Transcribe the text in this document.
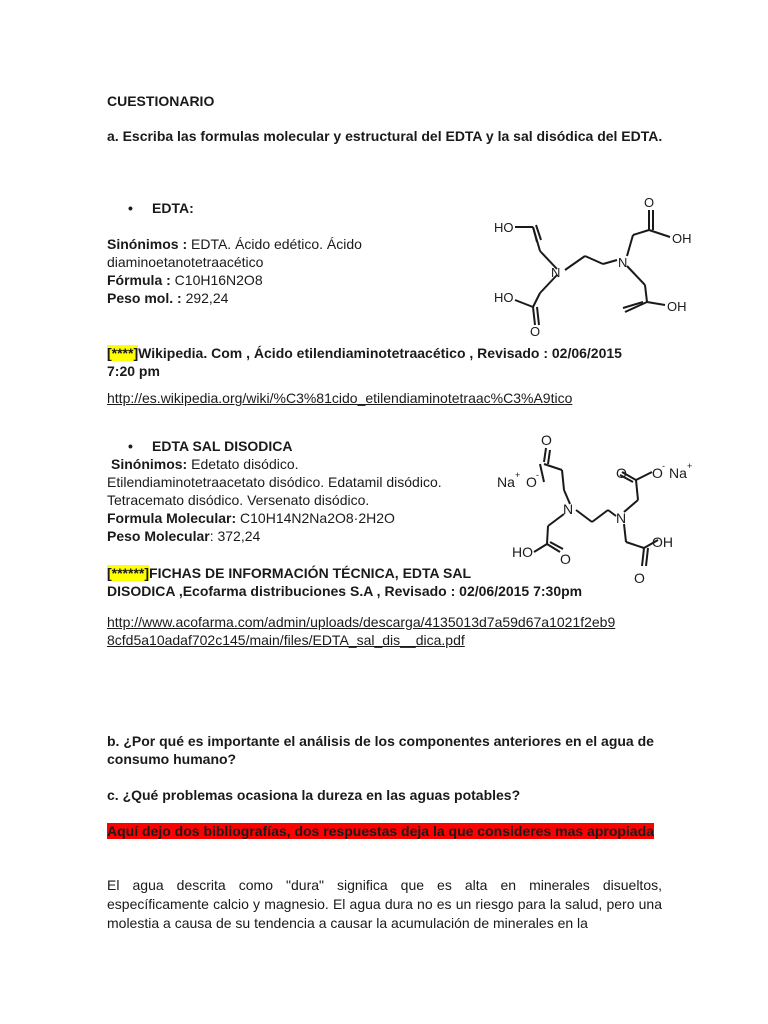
CUESTIONARIO
a. Escriba las formulas molecular y estructural del EDTA y la sal disódica del EDTA.
• EDTA:

Sinónimos : EDTA. Ácido edético. Ácido

diaminoetanotetraacético

Fórmula : C10H16N2O8

Peso mol. : 292,24

HO
HO
O
N
N
O
OH
OH

[****]Wikipedia. Com , Ácido etilendiaminotetraacético , Revisado : 02/06/2015

7:20 pm

http://es.wikipedia.org/wiki/%C3%81cido_etilendiaminotetraac%C3%A9tico
• EDTA SAL DISODICA

Sinónimos: Edetato disódico.

Etilendiaminotetraacetato disódico. Edatamil disódico.

Tetracemato disódico. Versenato disódico.

Formula Molecular: C10H14N2Na2O8·2H2O

Peso Molecular: 372,24

O
Na + O -
N
N
O O - Na +
HO O
OH
O

[******]FICHAS DE INFORMACIÓN TÉCNICA, EDTA SAL

DISODICA ,Ecofarma distribuciones S.A , Revisado : 02/06/2015 7:30pm

http://www.acofarma.com/admin/uploads/descarga/4135013d7a59d67a1021f2eb9

8cfd5a10adaf702c145/main/files/EDTA_sal_dis__dica.pdf

b. ¿Por qué es importante el análisis de los componentes anteriores en el agua de consumo humano?
c. ¿Qué problemas ocasiona la dureza en las aguas potables?
Aquí dejo dos bibliografías, dos respuestas deja la que consideres mas apropiada
El agua descrita como "dura" significa que es alta en minerales disueltos, específicamente calcio y magnesio. El agua dura no es un riesgo para la salud, pero una molestia a causa de su tendencia a causar la acumulación de minerales en la
